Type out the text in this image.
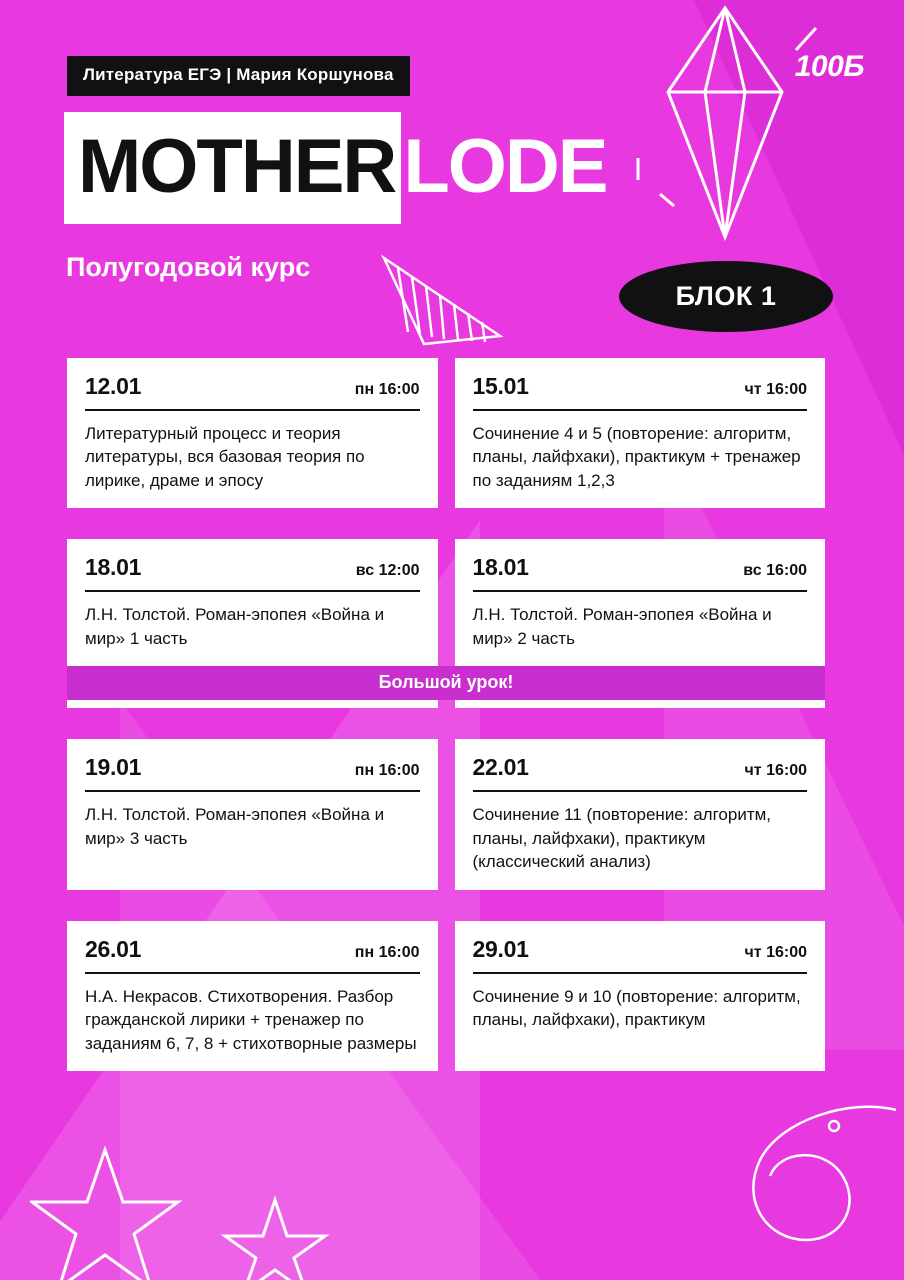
Литература ЕГЭ | Мария Коршунова	100Б
MOTHER LODE
Полугодовой курс
БЛОК 1
12.01	пн 16:00
Литературный процесс и теория литературы, вся базовая теория по лирике, драме и эпосу
15.01	чт 16:00
Сочинение 4 и 5 (повторение: алгоритм, планы, лайфхаки), практикум + тренажер по заданиям 1,2,3
18.01	вс 12:00
Л.Н. Толстой. Роман-эпопея «Война и мир» 1 часть
18.01	вс 16:00
Л.Н. Толстой. Роман-эпопея «Война и мир» 2 часть
Большой урок!
19.01	пн 16:00
Л.Н. Толстой. Роман-эпопея «Война и мир» 3 часть
22.01	чт 16:00
Сочинение 11 (повторение: алгоритм, планы, лайфхаки), практикум (классический анализ)
26.01	пн 16:00
Н.А. Некрасов. Стихотворения. Разбор гражданской лирики + тренажер по заданиям 6, 7, 8 + стихотворные размеры
29.01	чт 16:00
Сочинение 9 и 10 (повторение: алгоритм, планы, лайфхаки), практикум
